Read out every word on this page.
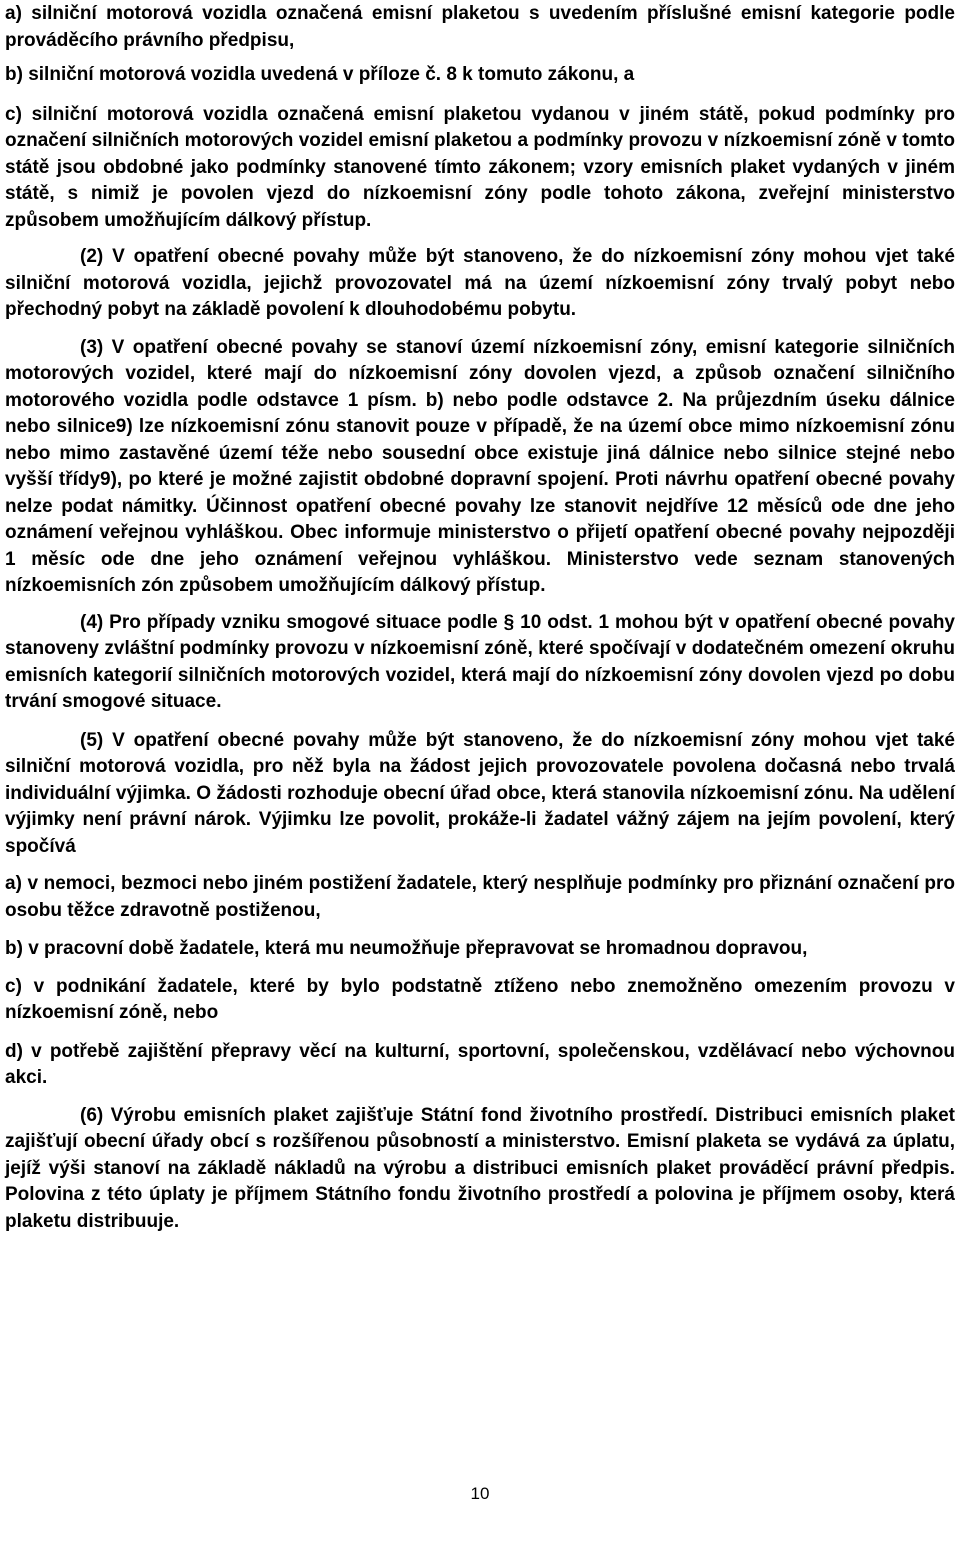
a) silniční motorová vozidla označená emisní plaketou s uvedením příslušné emisní kategorie podle prováděcího právního předpisu,

b) silniční motorová vozidla uvedená v příloze č. 8 k tomuto zákonu, a

c) silniční motorová vozidla označená emisní plaketou vydanou v jiném státě, pokud podmínky pro označení silničních motorových vozidel emisní plaketou a podmínky provozu v nízkoemisní zóně v tomto státě jsou obdobné jako podmínky stanovené tímto zákonem; vzory emisních plaket vydaných v jiném státě, s nimiž je povolen vjezd do nízkoemisní zóny podle tohoto zákona, zveřejní ministerstvo způsobem umožňujícím dálkový přístup.

(2) V opatření obecné povahy může být stanoveno, že do nízkoemisní zóny mohou vjet také silniční motorová vozidla, jejichž provozovatel má na území nízkoemisní zóny trvalý pobyt nebo přechodný pobyt na základě povolení k dlouhodobému pobytu.

(3) V opatření obecné povahy se stanoví území nízkoemisní zóny, emisní kategorie silničních motorových vozidel, které mají do nízkoemisní zóny dovolen vjezd, a způsob označení silničního motorového vozidla podle odstavce 1 písm. b) nebo podle odstavce 2. Na průjezdním úseku dálnice nebo silnice9) lze nízkoemisní zónu stanovit pouze v případě, že na území obce mimo nízkoemisní zónu nebo mimo zastavěné území téže nebo sousední obce existuje jiná dálnice nebo silnice stejné nebo vyšší třídy9), po které je možné zajistit obdobné dopravní spojení. Proti návrhu opatření obecné povahy nelze podat námitky. Účinnost opatření obecné povahy lze stanovit nejdříve 12 měsíců ode dne jeho oznámení veřejnou vyhláškou. Obec informuje ministerstvo o přijetí opatření obecné povahy nejpozději 1 měsíc ode dne jeho oznámení veřejnou vyhláškou. Ministerstvo vede seznam stanovených nízkoemisních zón způsobem umožňujícím dálkový přístup.

(4) Pro případy vzniku smogové situace podle § 10 odst. 1 mohou být v opatření obecné povahy stanoveny zvláštní podmínky provozu v nízkoemisní zóně, které spočívají v dodatečném omezení okruhu emisních kategorií silničních motorových vozidel, která mají do nízkoemisní zóny dovolen vjezd po dobu trvání smogové situace.

(5) V opatření obecné povahy může být stanoveno, že do nízkoemisní zóny mohou vjet také silniční motorová vozidla, pro něž byla na žádost jejich provozovatele povolena dočasná nebo trvalá individuální výjimka. O žádosti rozhoduje obecní úřad obce, která stanovila nízkoemisní zónu. Na udělení výjimky není právní nárok. Výjimku lze povolit, prokáže-li žadatel vážný zájem na jejím povolení, který spočívá

a) v nemoci, bezmoci nebo jiném postižení žadatele, který nesplňuje podmínky pro přiznání označení pro osobu těžce zdravotně postiženou,

b) v pracovní době žadatele, která mu neumožňuje přepravovat se hromadnou dopravou,

c) v podnikání žadatele, které by bylo podstatně ztíženo nebo znemožněno omezením provozu v nízkoemisní zóně, nebo

d) v potřebě zajištění přepravy věcí na kulturní, sportovní, společenskou, vzdělávací nebo výchovnou akci.

(6) Výrobu emisních plaket zajišťuje Státní fond životního prostředí. Distribuci emisních plaket zajišťují obecní úřady obcí s rozšířenou působností a ministerstvo. Emisní plaketa se vydává za úplatu, jejíž výši stanoví na základě nákladů na výrobu a distribuci emisních plaket prováděcí právní předpis. Polovina z této úplaty je příjmem Státního fondu životního prostředí a polovina je příjmem osoby, která plaketu distribuuje.

10
